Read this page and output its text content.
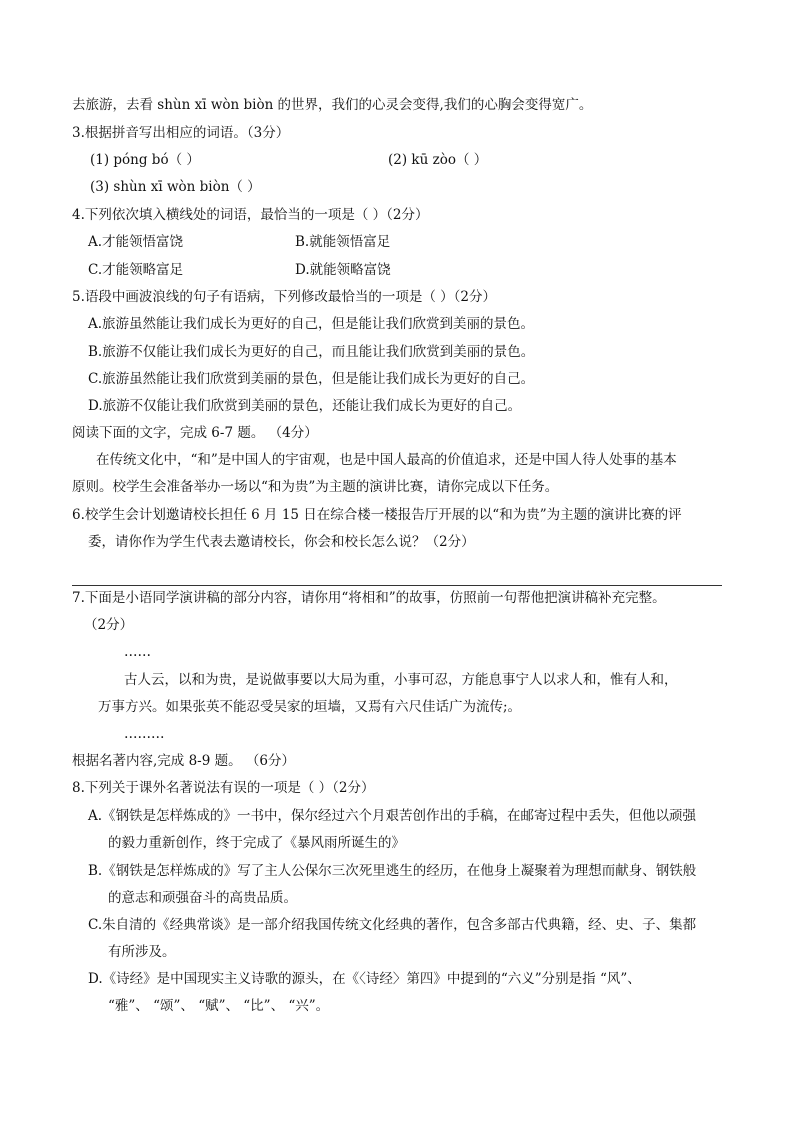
去旅游，去看 shùn xī wòn biòn 的世界，我们的心灵会变得,我们的心胸会变得宽广。
3.根据拼音写出相应的词语。（3分）
(1) póng bó（ ）	(2) kū zòo（ ）
(3) shùn xī wòn biòn（ ）
4.下列依次填入横线处的词语，最恰当的一项是（ ）（2分）
A.才能领悟富饶	B.就能领悟富足
C.才能领略富足	D.就能领略富饶
5.语段中画波浪线的句子有语病，下列修改最恰当的一项是（ ）（2分）
A.旅游虽然能让我们成长为更好的自己，但是能让我们欣赏到美丽的景色。
B.旅游不仅能让我们成长为更好的自己，而且能让我们欣赏到美丽的景色。
C.旅游虽然能让我们欣赏到美丽的景色，但是能让我们成长为更好的自己。
D.旅游不仅能让我们欣赏到美丽的景色，还能让我们成长为更好的自己。
阅读下面的文字，完成 6-7 题。 （4分）
在传统文化中，“和”是中国人的宇宙观，也是中国人最高的价值追求，还是中国人待人处事的基本
原则。校学生会准备举办一场以“和为贵”为主题的演讲比赛，请你完成以下任务。
6.校学生会计划邀请校长担任 6 月 15 日在综合楼一楼报告厅开展的以“和为贵”为主题的演讲比赛的评
委，请你作为学生代表去邀请校长，你会和校长怎么说？（2分）
7.下面是小语同学演讲稿的部分内容，请你用“将相和”的故事，仿照前一句帮他把演讲稿补充完整。
（2分）
……
古人云，以和为贵，是说做事要以大局为重，小事可忍，方能息事宁人以求人和，惟有人和，
万事方兴。如果张英不能忍受吴家的垣墙，又焉有六尺佳话广为流传;。
………
根据名著内容,完成 8-9 题。 （6分）
8.下列关于课外名著说法有误的一项是（ ）（2分）
A.《钢铁是怎样炼成的》一书中，保尔经过六个月艰苦创作出的手稿，在邮寄过程中丢失，但他以顽强
的毅力重新创作，终于完成了《暴风雨所诞生的》
B.《钢铁是怎样炼成的》写了主人公保尔三次死里逃生的经历，在他身上凝聚着为理想而献身、钢铁般
的意志和顽强奋斗的高贵品质。
C.朱自清的《经典常谈》是一部介绍我国传统文化经典的著作，包含多部古代典籍，经、史、子、集都
有所涉及。
D.《诗经》是中国现实主义诗歌的源头，在《〈诗经〉第四》中提到的“六义”分别是指 “风”、
“雅”、 “颂”、 “赋”、 “比”、 “兴”。
